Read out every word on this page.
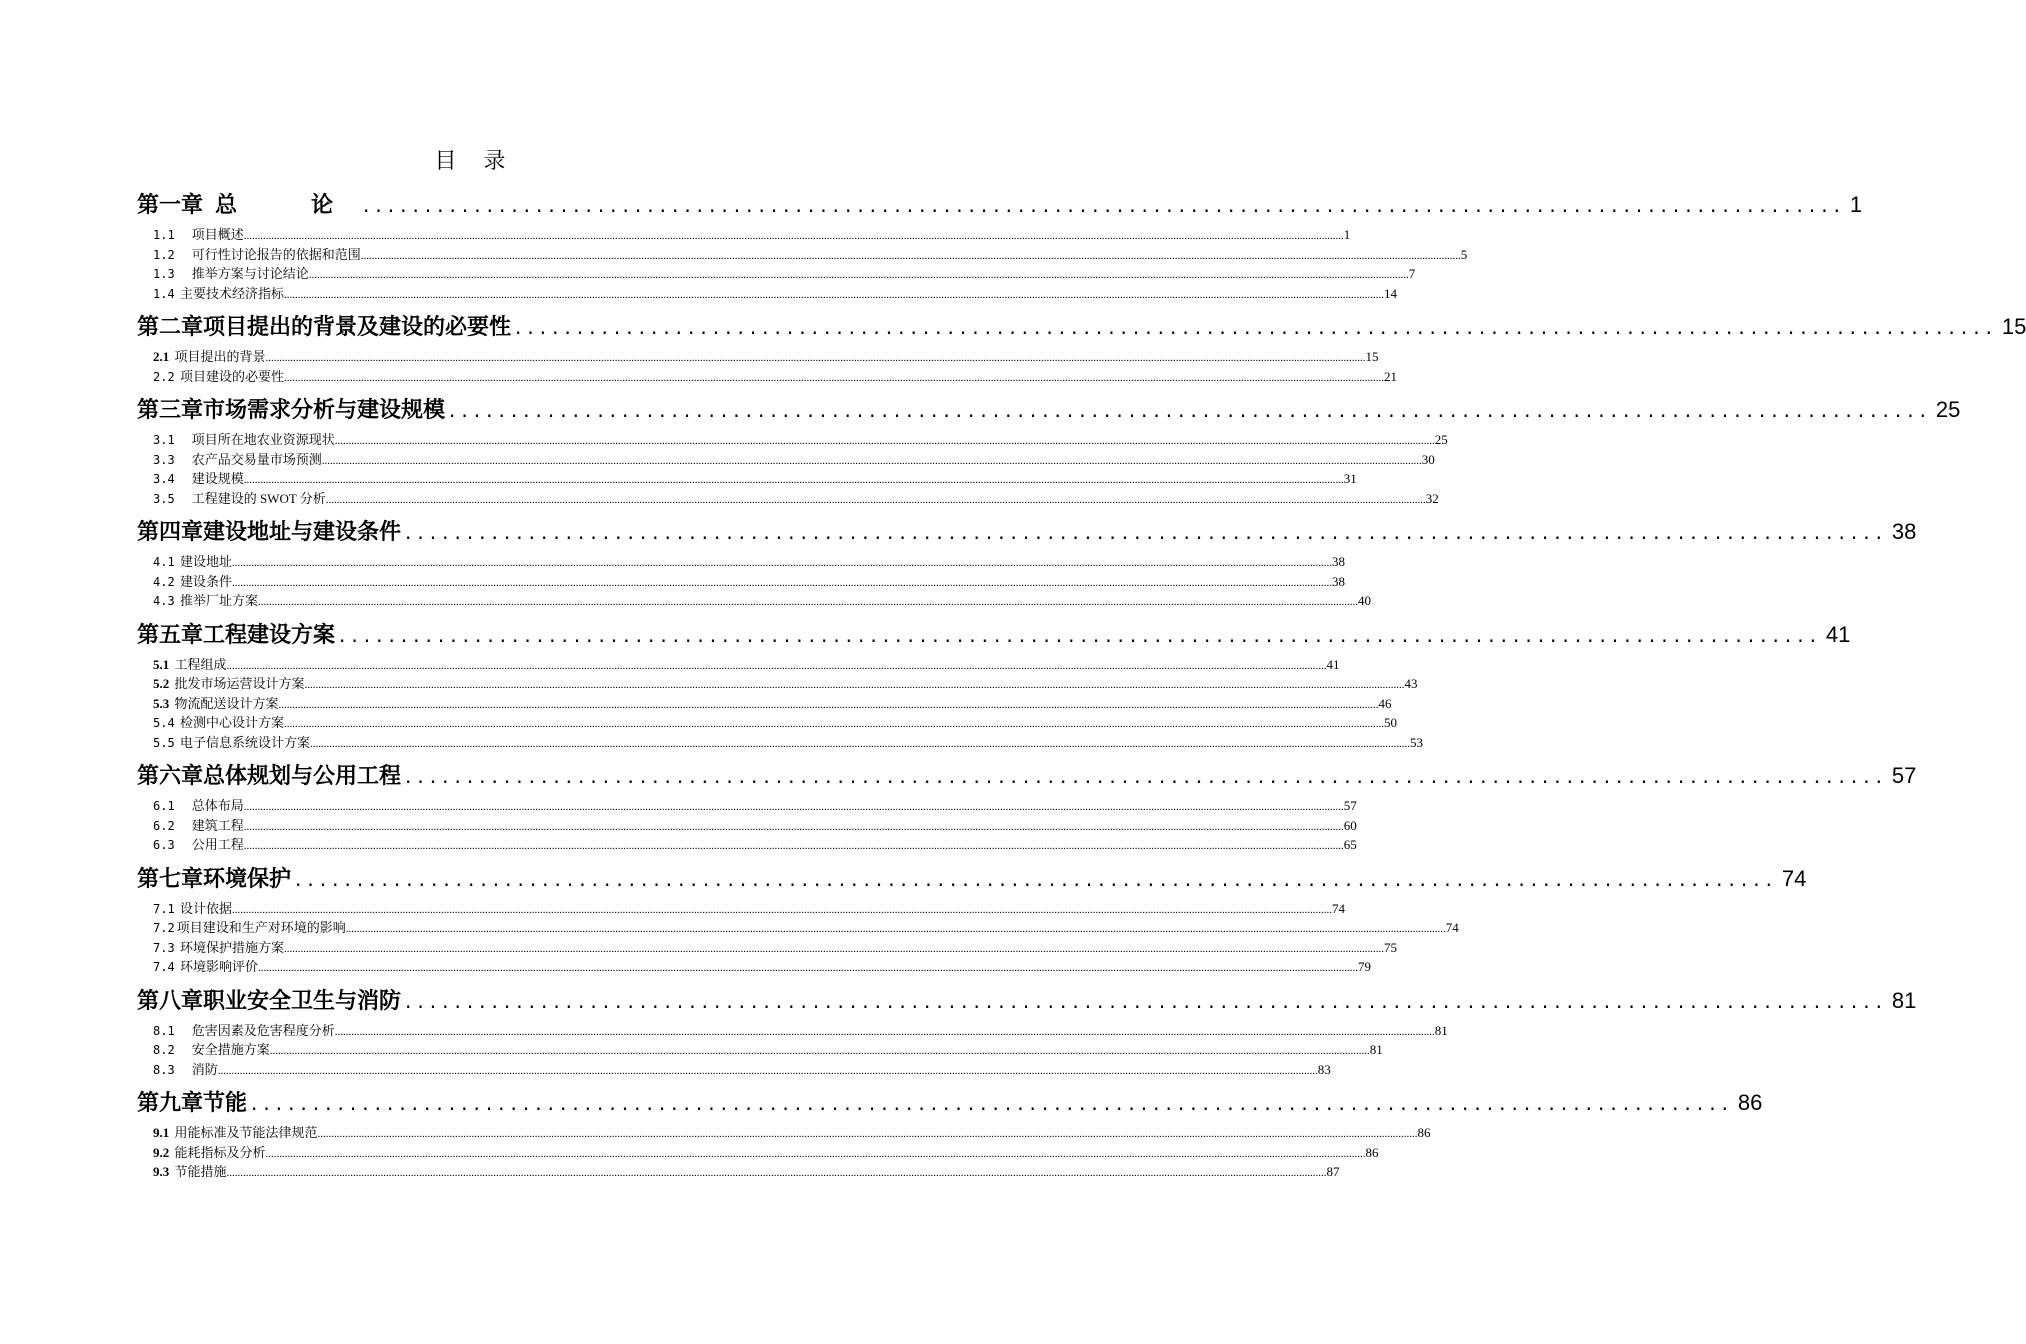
目 录
第一章 总　论 ........................................................................................................................ 1
1.1　项目概述 ................................................................................................................................................................................................................................................................................................................................................................................................................ 1
1.2　可行性讨论报告的依据和范围 ................................................................................................................................................................................................................................................................................................................................................................................................................ 5
1.3　推举方案与讨论结论 ................................................................................................................................................................................................................................................................................................................................................................................................................ 7
1.4 主要技术经济指标 ................................................................................................................................................................................................................................................................................................................................................................................................................ 14
第二章 项目提出的背景及建设的必要性 ........................................................................................................................ 15
2.1 项目提出的背景 ................................................................................................................................................................................................................................................................................................................................................................................................................ 15
2.2 项目建设的必要性 ................................................................................................................................................................................................................................................................................................................................................................................................................ 21
第三章 市场需求分析与建设规模 ........................................................................................................................ 25
3.1　项目所在地农业资源现状 ................................................................................................................................................................................................................................................................................................................................................................................................................ 25
3.3　农产品交易量市场预测 ................................................................................................................................................................................................................................................................................................................................................................................................................ 30
3.4　建设规模 ................................................................................................................................................................................................................................................................................................................................................................................................................ 31
3.5　工程建设的 SWOT 分析 ................................................................................................................................................................................................................................................................................................................................................................................................................ 32
第四章 建设地址与建设条件 ........................................................................................................................ 38
4.1 建设地址 ................................................................................................................................................................................................................................................................................................................................................................................................................ 38
4.2 建设条件 ................................................................................................................................................................................................................................................................................................................................................................................................................ 38
4.3 推举厂址方案 ................................................................................................................................................................................................................................................................................................................................................................................................................ 40
第五章 工程建设方案 ........................................................................................................................ 41
5.1 工程组成 ................................................................................................................................................................................................................................................................................................................................................................................................................ 41
5.2 批发市场运营设计方案 ................................................................................................................................................................................................................................................................................................................................................................................................................ 43
5.3 物流配送设计方案 ................................................................................................................................................................................................................................................................................................................................................................................................................ 46
5.4 检测中心设计方案 ................................................................................................................................................................................................................................................................................................................................................................................................................ 50
5.5 电子信息系统设计方案 ................................................................................................................................................................................................................................................................................................................................................................................................................ 53
第六章 总体规划与公用工程 ........................................................................................................................ 57
6.1　总体布局 ................................................................................................................................................................................................................................................................................................................................................................................................................ 57
6.2　建筑工程 ................................................................................................................................................................................................................................................................................................................................................................................................................ 60
6.3　公用工程 ................................................................................................................................................................................................................................................................................................................................................................................................................ 65
第七章 环境保护 ........................................................................................................................ 74
7.1 设计依据 ................................................................................................................................................................................................................................................................................................................................................................................................................ 74
7.2 项目建设和生产对环境的影响 ................................................................................................................................................................................................................................................................................................................................................................................................................ 74
7.3 环境保护措施方案 ................................................................................................................................................................................................................................................................................................................................................................................................................ 75
7.4 环境影响评价 ................................................................................................................................................................................................................................................................................................................................................................................................................ 79
第八章 职业安全卫生与消防 ........................................................................................................................ 81
8.1　危害因素及危害程度分析 ................................................................................................................................................................................................................................................................................................................................................................................................................ 81
8.2　安全措施方案 ................................................................................................................................................................................................................................................................................................................................................................................................................ 81
8.3　消防 ................................................................................................................................................................................................................................................................................................................................................................................................................ 83
第九章 节能 ........................................................................................................................ 86
9.1 用能标准及节能法律规范 ................................................................................................................................................................................................................................................................................................................................................................................................................ 86
9.2 能耗指标及分析 ................................................................................................................................................................................................................................................................................................................................................................................................................ 86
9.3 节能措施 ................................................................................................................................................................................................................................................................................................................................................................................................................ 87
